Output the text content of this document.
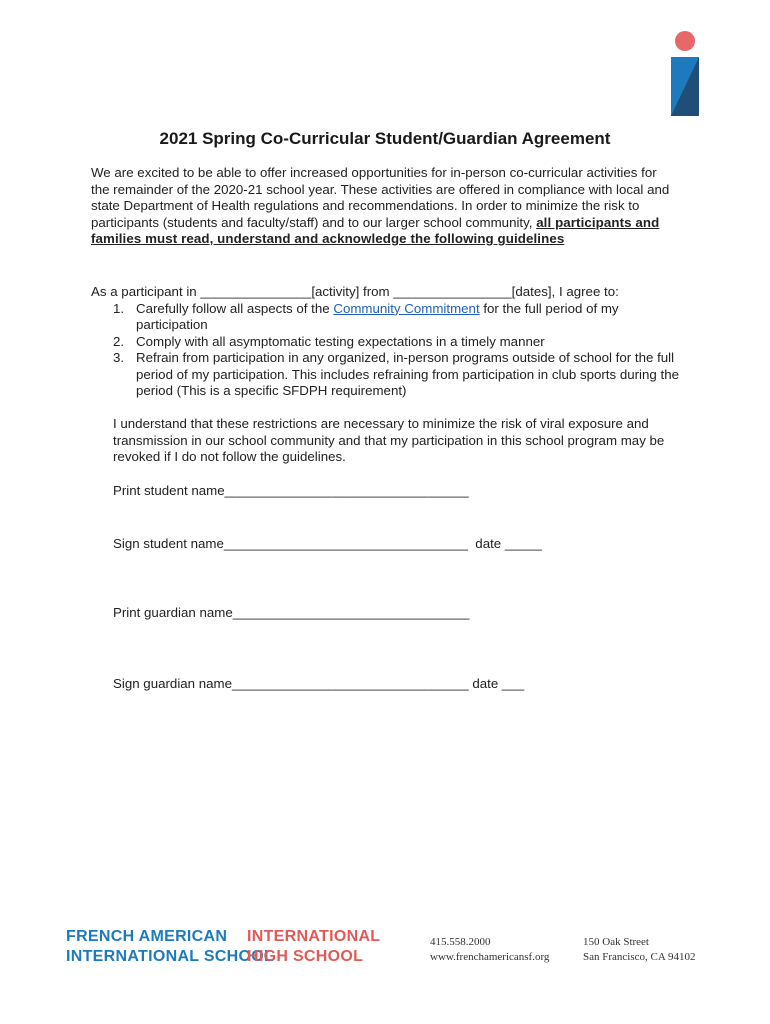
2021 Spring Co-Curricular Student/Guardian Agreement

We are excited to be able to offer increased opportunities for in-person co-curricular activities for the remainder of the 2020-21 school year. These activities are offered in compliance with local and state Department of Health regulations and recommendations. In order to minimize the risk to participants (students and faculty/staff) and to our larger school community, all participants and families must read, understand and acknowledge the following guidelines

As a participant in _______________[activity] from ________________[dates], I agree to:

1. Carefully follow all aspects of the Community Commitment for the full period of my participation
2. Comply with all asymptomatic testing expectations in a timely manner
3. Refrain from participation in any organized, in-person programs outside of school for the full period of my participation. This includes refraining from participation in club sports during the period (This is a specific SFDPH requirement)

I understand that these restrictions are necessary to minimize the risk of viral exposure and transmission in our school community and that my participation in this school program may be revoked if I do not follow the guidelines.

Print student name_________________________________
Sign student name_________________________________  date _____
Print guardian name________________________________
Sign guardian name________________________________ date ___
FRENCH AMERICAN
INTERNATIONAL SCHOOL
INTERNATIONAL
HIGH SCHOOL
415.558.2000
www.frenchamericansf.org
150 Oak Street
San Francisco, CA 94102
